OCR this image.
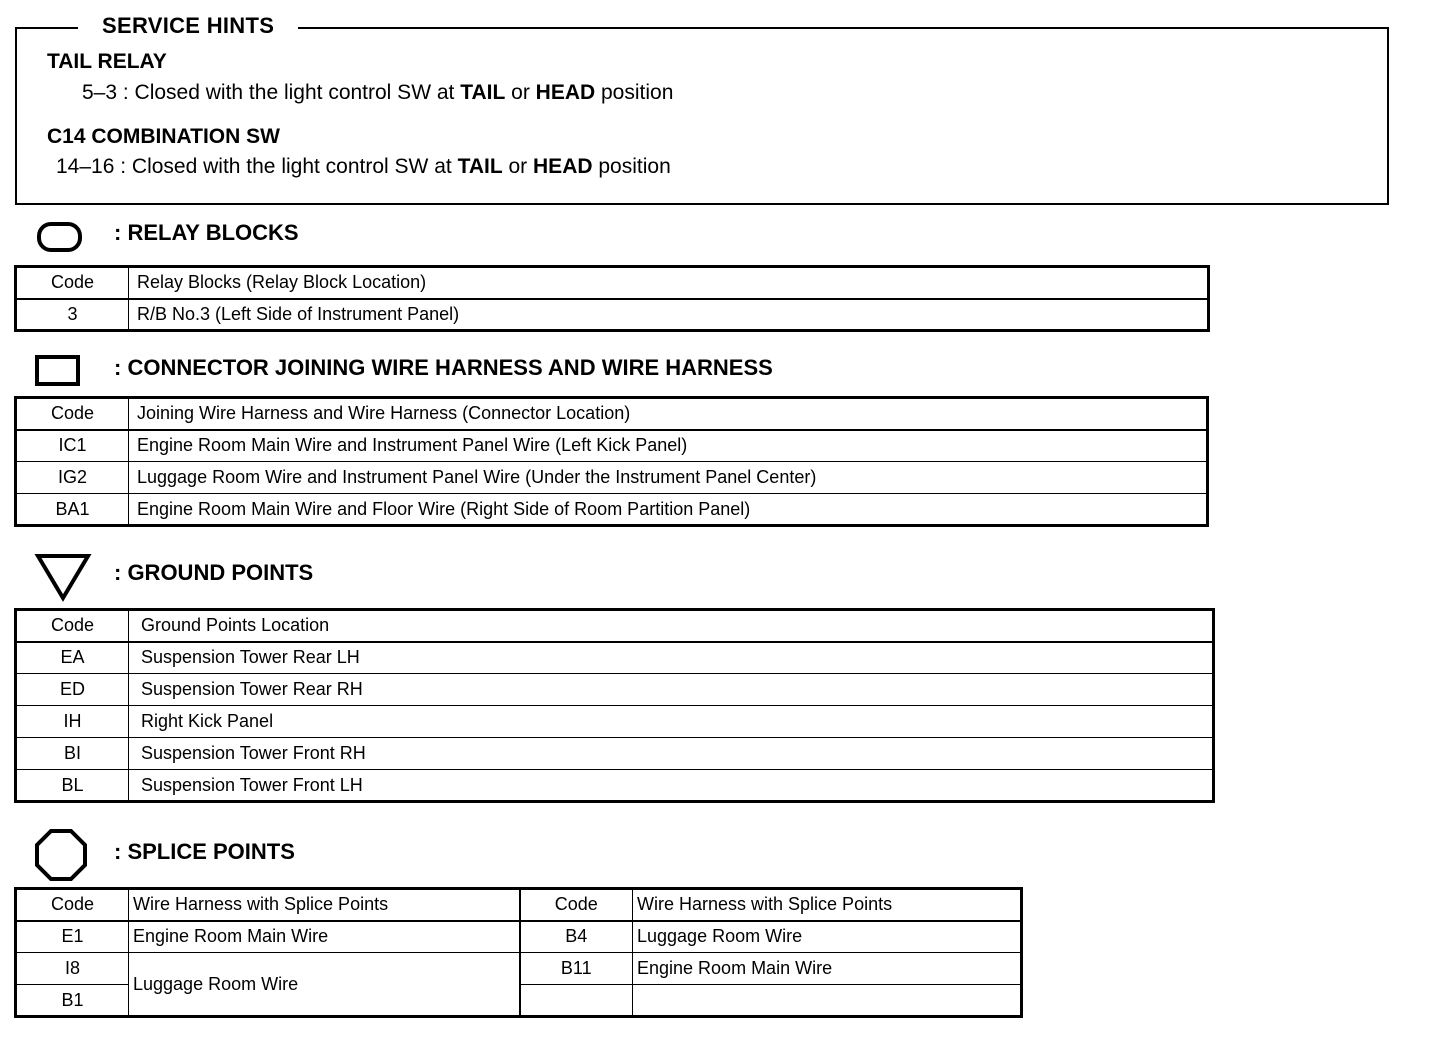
SERVICE HINTS
TAIL RELAY
5–3 : Closed with the light control SW at TAIL or HEAD position
C14 COMBINATION SW
14–16 : Closed with the light control SW at TAIL or HEAD position
: RELAY BLOCKS
Code	Relay Blocks (Relay Block Location)
3	R/B No.3 (Left Side of Instrument Panel)
: CONNECTOR JOINING WIRE HARNESS AND WIRE HARNESS
Code	Joining Wire Harness and Wire Harness (Connector Location)
IC1	Engine Room Main Wire and Instrument Panel Wire (Left Kick Panel)
IG2	Luggage Room Wire and Instrument Panel Wire (Under the Instrument Panel Center)
BA1	Engine Room Main Wire and Floor Wire (Right Side of Room Partition Panel)
: GROUND POINTS
Code	Ground Points Location
EA	Suspension Tower Rear LH
ED	Suspension Tower Rear RH
IH	Right Kick Panel
BI	Suspension Tower Front RH
BL	Suspension Tower Front LH
: SPLICE POINTS
Code	Wire Harness with Splice Points	Code	Wire Harness with Splice Points
E1	Engine Room Main Wire	B4	Luggage Room Wire
I8	Luggage Room Wire	B11	Engine Room Main Wire
B1			
